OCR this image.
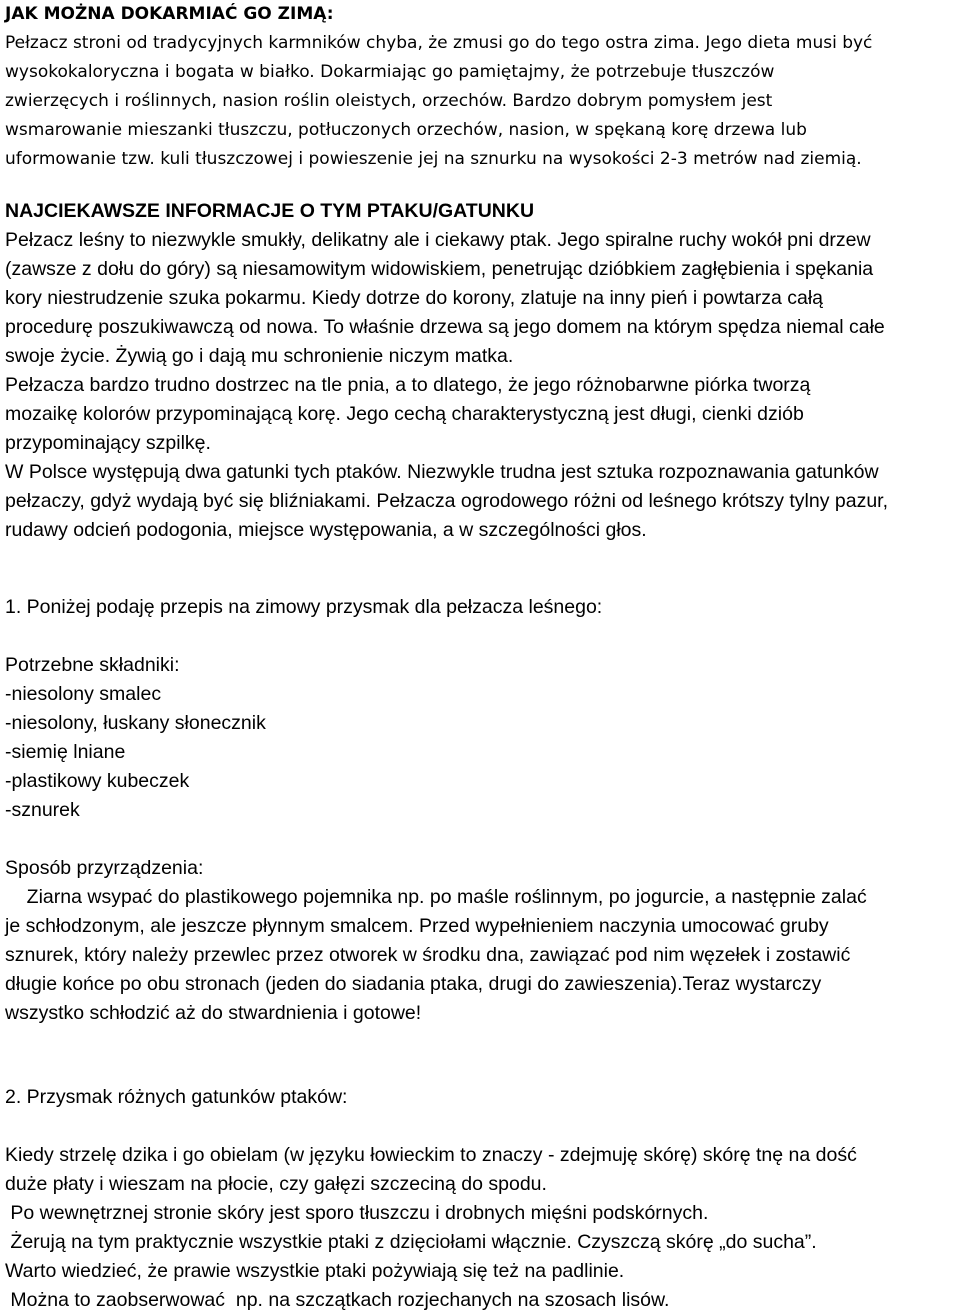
JAK MOŻNA DOKARMIAĆ GO ZIMĄ:
Pełzacz stroni od tradycyjnych karmników chyba, że zmusi go do tego ostra zima. Jego dieta musi być
wysokokaloryczna i bogata w białko. Dokarmiając go pamiętajmy, że potrzebuje tłuszczów
zwierzęcych i roślinnych, nasion roślin oleistych, orzechów. Bardzo dobrym pomysłem jest
wsmarowanie mieszanki tłuszczu, potłuczonych orzechów, nasion, w spękaną korę drzewa lub
uformowanie tzw. kuli tłuszczowej i powieszenie jej na sznurku na wysokości 2-3 metrów nad ziemią.
NAJCIEKAWSZE INFORMACJE O TYM PTAKU/GATUNKU
Pełzacz leśny to niezwykle smukły, delikatny ale i ciekawy ptak. Jego spiralne ruchy wokół pni drzew
(zawsze z dołu do góry) są niesamowitym widowiskiem, penetrując dzióbkiem zagłębienia i spękania
kory niestrudzenie szuka pokarmu. Kiedy dotrze do korony, zlatuje na inny pień i powtarza całą
procedurę poszukiwawczą od nowa. To właśnie drzewa są jego domem na którym spędza niemal całe
swoje życie. Żywią go i dają mu schronienie niczym matka.
Pełzacza bardzo trudno dostrzec na tle pnia, a to dlatego, że jego różnobarwne piórka tworzą
mozaikę kolorów przypominającą korę. Jego cechą charakterystyczną jest długi, cienki dziób
przypominający szpilkę.
W Polsce występują dwa gatunki tych ptaków. Niezwykle trudna jest sztuka rozpoznawania gatunków
pełzaczy, gdyż wydają być się bliźniakami. Pełzacza ogrodowego różni od leśnego krótszy tylny pazur,
rudawy odcień podogonia, miejsce występowania, a w szczególności głos.
1. Poniżej podaję przepis na zimowy przysmak dla pełzacza leśnego:
Potrzebne składniki:
-niesolony smalec
-niesolony, łuskany słonecznik
-siemię lniane
-plastikowy kubeczek
-sznurek
Sposób przyrządzenia:
Ziarna wsypać do plastikowego pojemnika np. po maśle roślinnym, po jogurcie, a następnie zalać
je schłodzonym, ale jeszcze płynnym smalcem. Przed wypełnieniem naczynia umocować gruby
sznurek, który należy przewlec przez otworek w środku dna, zawiązać pod nim węzełek i zostawić
długie końce po obu stronach (jeden do siadania ptaka, drugi do zawieszenia).Teraz wystarczy
wszystko schłodzić aż do stwardnienia i gotowe!
2. Przysmak różnych gatunków ptaków:
Kiedy strzelę dzika i go obielam (w języku łowieckim to znaczy - zdejmuję skórę) skórę tnę na dość
duże płaty i wieszam na płocie, czy gałęzi szczeciną do spodu.
Po wewnętrznej stronie skóry jest sporo tłuszczu i drobnych mięśni podskórnych.
Żerują na tym praktycznie wszystkie ptaki z dzięciołami włącznie. Czyszczą skórę „do sucha”.
Warto wiedzieć, że prawie wszystkie ptaki pożywiają się też na padlinie.
Można to zaobserwować  np. na szczątkach rozjechanych na szosach lisów.
